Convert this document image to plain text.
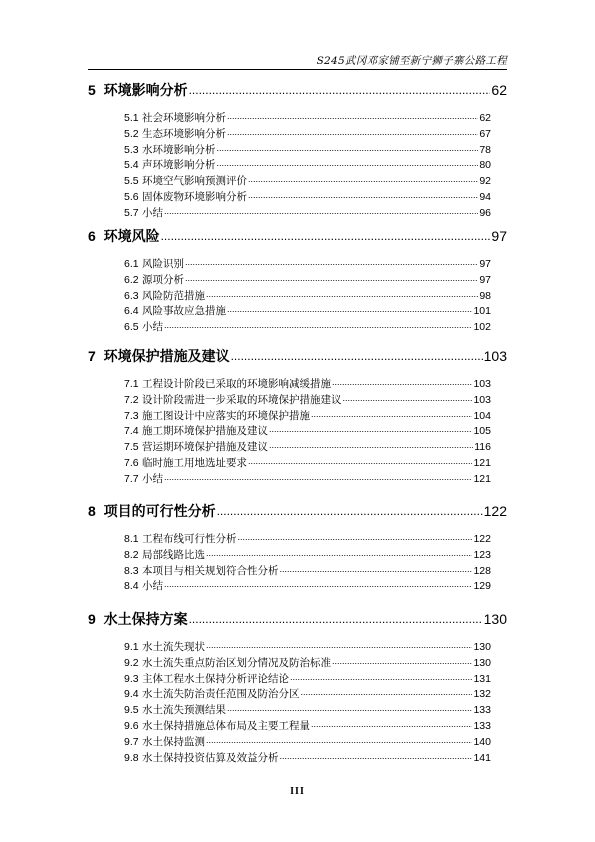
S245武冈邓家铺至新宁狮子寨公路工程
5 环境影响分析 .....	62
5.1 社会环境影响分析 .....	62
5.2 生态环境影响分析 .....	67
5.3 水环境影响分析 .....	78
5.4 声环境影响分析 .....	80
5.5 环境空气影响预测评价 .....	92
5.6 固体废物环境影响分析 .....	94
5.7 小结 .....	96
6 环境风险 .....	97
6.1 风险识别 .....	97
6.2 源项分析 .....	97
6.3 风险防范措施 .....	98
6.4 风险事故应急措施 .....	101
6.5 小结 .....	102
7 环境保护措施及建议 .....	103
7.1 工程设计阶段已采取的环境影响减缓措施 .....	103
7.2 设计阶段需进一步采取的环境保护措施建议 .....	103
7.3 施工图设计中应落实的环境保护措施 .....	104
7.4 施工期环境保护措施及建议 .....	105
7.5 营运期环境保护措施及建议 .....	116
7.6 临时施工用地选址要求 .....	121
7.7 小结 .....	121
8 项目的可行性分析 .....	122
8.1 工程布线可行性分析 .....	122
8.2 局部线路比选 .....	123
8.3 本项目与相关规划符合性分析 .....	128
8.4 小结 .....	129
9 水土保持方案 .....	130
9.1 水土流失现状 .....	130
9.2 水土流失重点防治区划分情况及防治标准 .....	130
9.3 主体工程水土保持分析评论结论 .....	131
9.4 水土流失防治责任范围及防治分区 .....	132
9.5 水土流失预测结果 .....	133
9.6 水土保持措施总体布局及主要工程量 .....	133
9.7 水土保持监测 .....	140
9.8 水土保持投资估算及效益分析 .....	141
III
